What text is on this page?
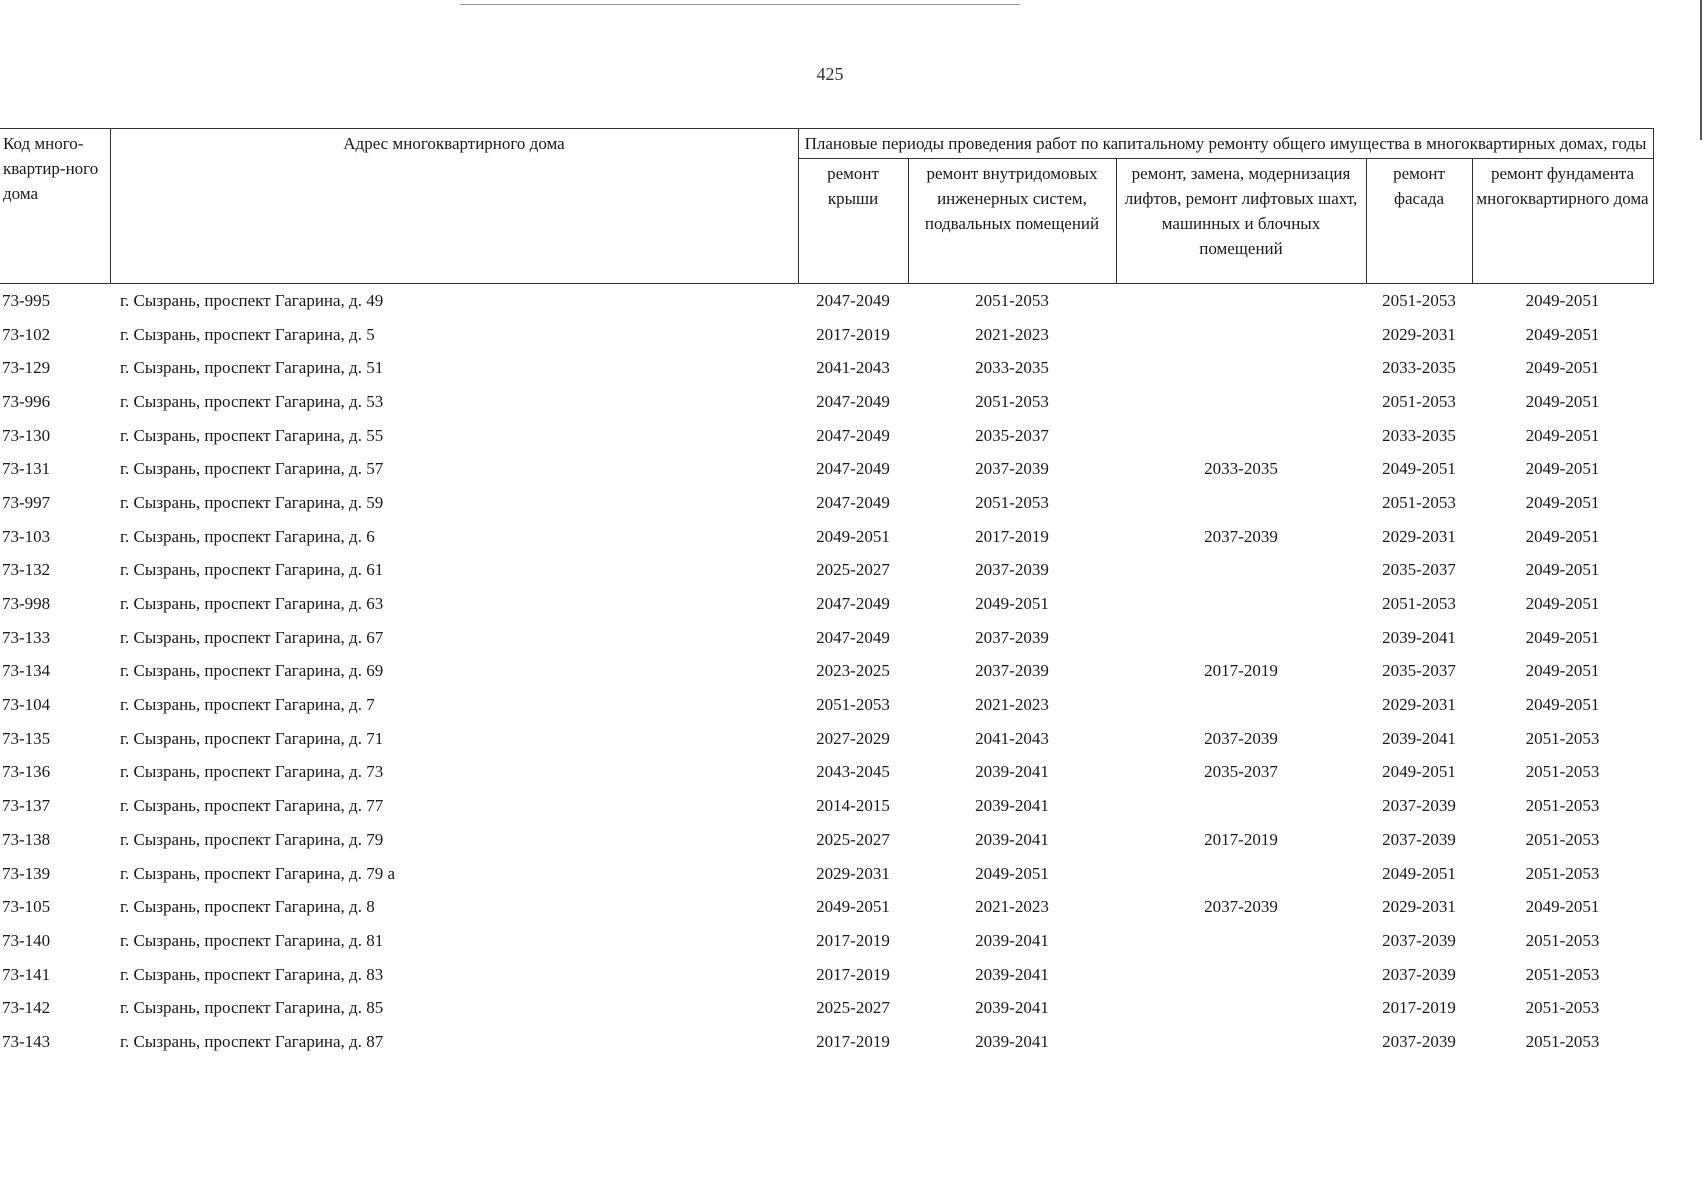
425
Код много-квартир-ного дома	Адрес многоквартирного дома	Плановые периоды проведения работ по капитальному ремонту общего имущества в многоквартирных домах, годы				
		ремонт крыши	ремонт внутридомовых инженерных систем, подвальных помещений	ремонт, замена, модернизация лифтов, ремонт лифтовых шахт, машинных и блочных помещений	ремонт фасада	ремонт фундамента многоквартирного дома
73-995	г. Сызрань, проспект Гагарина, д. 49	2047-2049	2051-2053		2051-2053	2049-2051
73-102	г. Сызрань, проспект Гагарина, д. 5	2017-2019	2021-2023		2029-2031	2049-2051
73-129	г. Сызрань, проспект Гагарина, д. 51	2041-2043	2033-2035		2033-2035	2049-2051
73-996	г. Сызрань, проспект Гагарина, д. 53	2047-2049	2051-2053		2051-2053	2049-2051
73-130	г. Сызрань, проспект Гагарина, д. 55	2047-2049	2035-2037		2033-2035	2049-2051
73-131	г. Сызрань, проспект Гагарина, д. 57	2047-2049	2037-2039	2033-2035	2049-2051	2049-2051
73-997	г. Сызрань, проспект Гагарина, д. 59	2047-2049	2051-2053		2051-2053	2049-2051
73-103	г. Сызрань, проспект Гагарина, д. 6	2049-2051	2017-2019	2037-2039	2029-2031	2049-2051
73-132	г. Сызрань, проспект Гагарина, д. 61	2025-2027	2037-2039		2035-2037	2049-2051
73-998	г. Сызрань, проспект Гагарина, д. 63	2047-2049	2049-2051		2051-2053	2049-2051
73-133	г. Сызрань, проспект Гагарина, д. 67	2047-2049	2037-2039		2039-2041	2049-2051
73-134	г. Сызрань, проспект Гагарина, д. 69	2023-2025	2037-2039	2017-2019	2035-2037	2049-2051
73-104	г. Сызрань, проспект Гагарина, д. 7	2051-2053	2021-2023		2029-2031	2049-2051
73-135	г. Сызрань, проспект Гагарина, д. 71	2027-2029	2041-2043	2037-2039	2039-2041	2051-2053
73-136	г. Сызрань, проспект Гагарина, д. 73	2043-2045	2039-2041	2035-2037	2049-2051	2051-2053
73-137	г. Сызрань, проспект Гагарина, д. 77	2014-2015	2039-2041		2037-2039	2051-2053
73-138	г. Сызрань, проспект Гагарина, д. 79	2025-2027	2039-2041	2017-2019	2037-2039	2051-2053
73-139	г. Сызрань, проспект Гагарина, д. 79 а	2029-2031	2049-2051		2049-2051	2051-2053
73-105	г. Сызрань, проспект Гагарина, д. 8	2049-2051	2021-2023	2037-2039	2029-2031	2049-2051
73-140	г. Сызрань, проспект Гагарина, д. 81	2017-2019	2039-2041		2037-2039	2051-2053
73-141	г. Сызрань, проспект Гагарина, д. 83	2017-2019	2039-2041		2037-2039	2051-2053
73-142	г. Сызрань, проспект Гагарина, д. 85	2025-2027	2039-2041		2017-2019	2051-2053
73-143	г. Сызрань, проспект Гагарина, д. 87	2017-2019	2039-2041		2037-2039	2051-2053
